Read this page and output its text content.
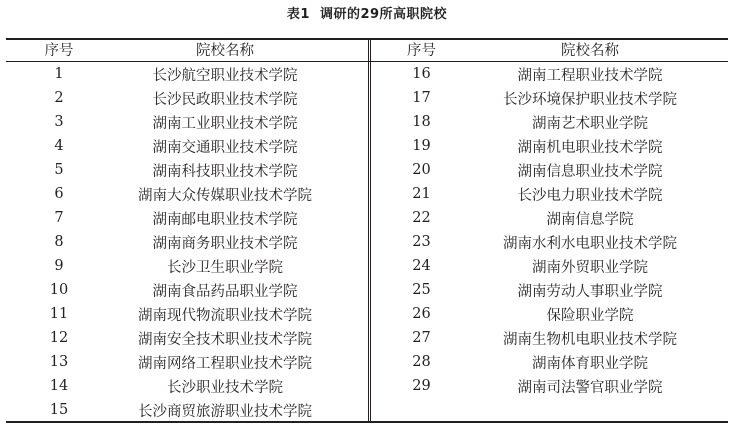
表1 调研的29所高职院校
序号	院校名称
1	长沙航空职业技术学院
2	长沙民政职业技术学院
3	湖南工业职业技术学院
4	湖南交通职业技术学院
5	湖南科技职业技术学院
6	湖南大众传媒职业技术学院
7	湖南邮电职业技术学院
8	湖南商务职业技术学院
9	长沙卫生职业学院
10	湖南食品药品职业学院
11	湖南现代物流职业技术学院
12	湖南安全技术职业技术学院
13	湖南网络工程职业技术学院
14	长沙职业技术学院
15	长沙商贸旅游职业技术学院
序号	院校名称
16	湖南工程职业技术学院
17	长沙环境保护职业技术学院
18	湖南艺术职业学院
19	湖南机电职业技术学院
20	湖南信息职业技术学院
21	长沙电力职业技术学院
22	湖南信息学院
23	湖南水利水电职业技术学院
24	湖南外贸职业学院
25	湖南劳动人事职业学院
26	保险职业学院
27	湖南生物机电职业技术学院
28	湖南体育职业学院
29	湖南司法警官职业学院
